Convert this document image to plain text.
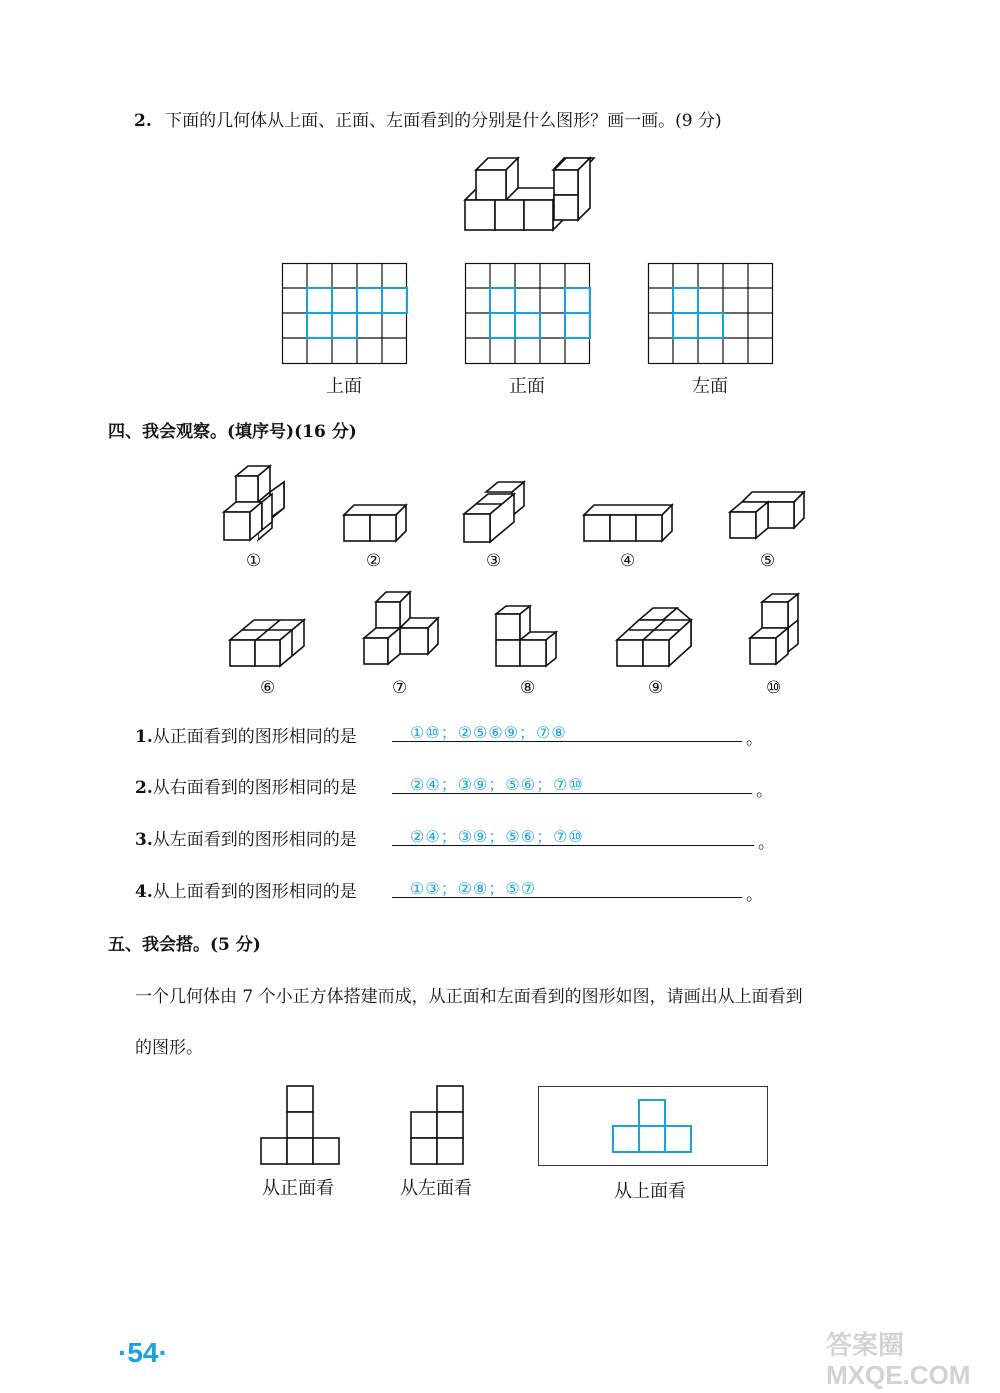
2. 下面的几何体从上面、正面、左面看到的分别是什么图形？画一画。(9 分)
上面	正面	左面
四、我会观察。(填序号)(16 分)
①	②	③	④	⑤
⑥	⑦	⑧	⑨	⑩
1.从正面看到的图形相同的是	①⑩；②⑤⑥⑨；⑦⑧	。
2.从右面看到的图形相同的是	②④；③⑨；⑤⑥；⑦⑩	。
3.从左面看到的图形相同的是	②④；③⑨；⑤⑥；⑦⑩	。
4.从上面看到的图形相同的是	①③；②⑧；⑤⑦	。
五、我会搭。(5 分)
一个几何体由 7 个小正方体搭建而成，从正面和左面看到的图形如图，请画出从上面看到
的图形。
从正面看	从左面看	从上面看
·54·	答案圈 MXQE.COM
